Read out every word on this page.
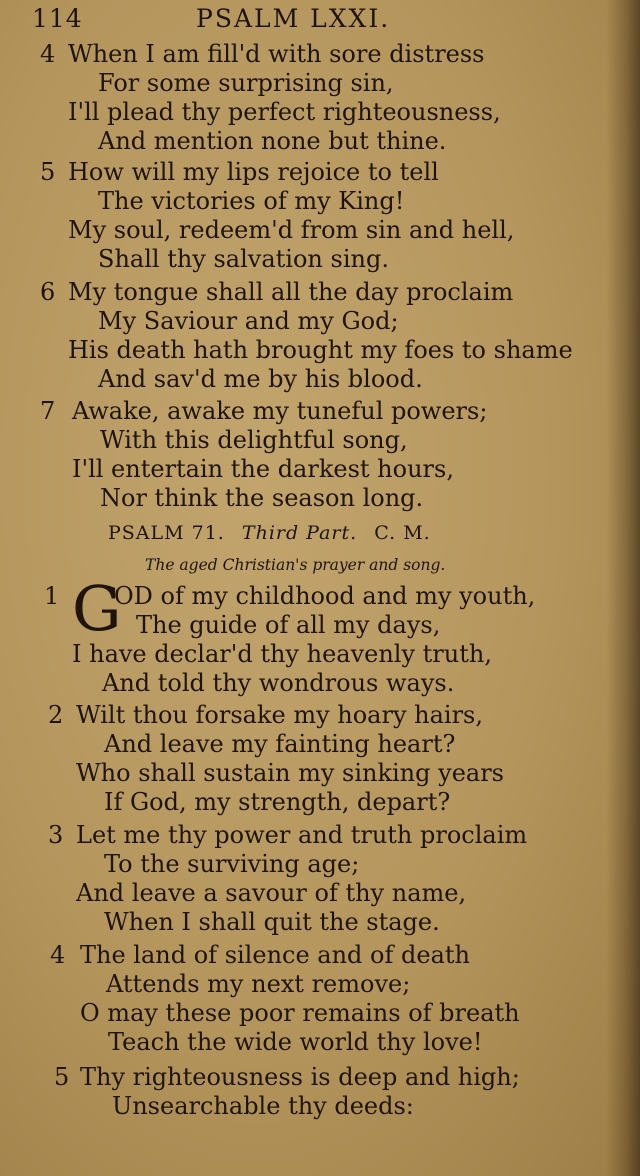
114	PSALM LXXI.
4 When I am fill'd with sore distress
For some surprising sin,
I'll plead thy perfect righteousness,
And mention none but thine.
5 How will my lips rejoice to tell
The victories of my King!
My soul, redeem'd from sin and hell,
Shall thy salvation sing.
6 My tongue shall all the day proclaim
My Saviour and my God;
His death hath brought my foes to shame
And sav'd me by his blood.
7 Awake, awake my tuneful powers;
With this delightful song,
I'll entertain the darkest hours,
Nor think the season long.
PSALM 71. Third Part. C. M.
The aged Christian's prayer and song.
G
1 OD of my childhood and my youth,
The guide of all my days,
I have declar'd thy heavenly truth,
And told thy wondrous ways.
2 Wilt thou forsake my hoary hairs,
And leave my fainting heart?
Who shall sustain my sinking years
If God, my strength, depart?
3 Let me thy power and truth proclaim
To the surviving age;
And leave a savour of thy name,
When I shall quit the stage.
4 The land of silence and of death
Attends my next remove;
O may these poor remains of breath
Teach the wide world thy love!
5 Thy righteousness is deep and high;
Unsearchable thy deeds:
